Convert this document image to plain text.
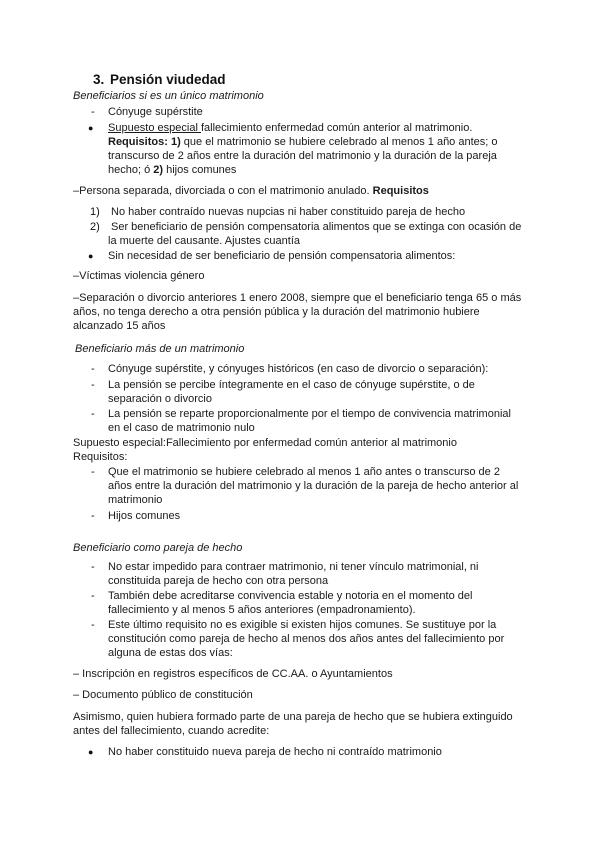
3. Pensión viudedad
Beneficiarios si es un único matrimonio
- Cónyuge supérstite
● Supuesto especial fallecimiento enfermedad común anterior al matrimonio.
Requisitos: 1) que el matrimonio se hubiere celebrado al menos 1 año antes; o
transcurso de 2 años entre la duración del matrimonio y la duración de la pareja
hecho; ó 2) hijos comunes
–Persona separada, divorciada o con el matrimonio anulado. Requisitos
1) No haber contraído nuevas nupcias ni haber constituido pareja de hecho
2) Ser beneficiario de pensión compensatoria alimentos que se extinga con ocasión de
la muerte del causante. Ajustes cuantía
● Sin necesidad de ser beneficiario de pensión compensatoria alimentos:
–Víctimas violencia género
–Separación o divorcio anteriores 1 enero 2008, siempre que el beneficiario tenga 65 o más
años, no tenga derecho a otra pensión pública y la duración del matrimonio hubiere
alcanzado 15 años
Beneficiario más de un matrimonio
- Cónyuge supérstite, y cónyuges históricos (en caso de divorcio o separación):
- La pensión se percibe íntegramente en el caso de cónyuge supérstite, o de
separación o divorcio
- La pensión se reparte proporcionalmente por el tiempo de convivencia matrimonial
en el caso de matrimonio nulo
Supuesto especial:Fallecimiento por enfermedad común anterior al matrimonio
Requisitos:
- Que el matrimonio se hubiere celebrado al menos 1 año antes o transcurso de 2
años entre la duración del matrimonio y la duración de la pareja de hecho anterior al
matrimonio
- Hijos comunes
Beneficiario como pareja de hecho
- No estar impedido para contraer matrimonio, ni tener vínculo matrimonial, ni
constituida pareja de hecho con otra persona
- También debe acreditarse convivencia estable y notoria en el momento del
fallecimiento y al menos 5 años anteriores (empadronamiento).
- Este último requisito no es exigible si existen hijos comunes. Se sustituye por la
constitución como pareja de hecho al menos dos años antes del fallecimiento por
alguna de estas dos vías:
– Inscripción en registros específicos de CC.AA. o Ayuntamientos
– Documento público de constitución
Asimismo, quien hubiera formado parte de una pareja de hecho que se hubiera extinguido
antes del fallecimiento, cuando acredite:
● No haber constituido nueva pareja de hecho ni contraído matrimonio
